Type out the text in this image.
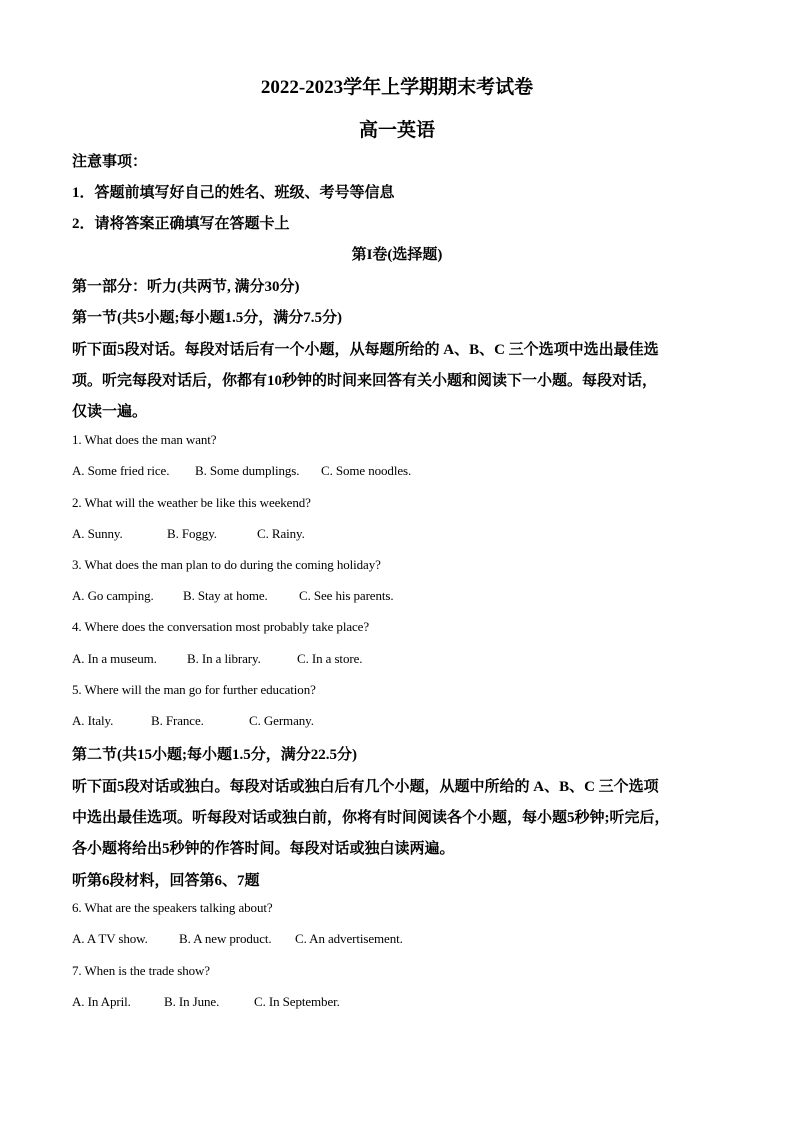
2022-2023学年上学期期末考试卷
高一英语
注意事项：
1．答题前填写好自己的姓名、班级、考号等信息
2．请将答案正确填写在答题卡上
第I卷(选择题)
第一部分：听力(共两节, 满分30分)
第一节(共5小题;每小题1.5分，满分7.5分)
听下面5段对话。每段对话后有一个小题，从每题所给的 A、B、C 三个选项中选出最佳选
项。听完每段对话后，你都有10秒钟的时间来回答有关小题和阅读下一小题。每段对话，
仅读一遍。
1. What does the man want?
A. Some fried rice. B. Some dumplings. C. Some noodles.
2. What will the weather be like this weekend?
A. Sunny.	B. Foggy.	C. Rainy.
3. What does the man plan to do during the coming holiday?
A. Go camping. B. Stay at home. C. See his parents.
4. Where does the conversation most probably take place?
A. In a museum. B. In a library.	C. In a store.
5. Where will the man go for further education?
A. Italy.	B. France.	C. Germany.
第二节(共15小题;每小题1.5分，满分22.5分)
听下面5段对话或独白。每段对话或独白后有几个小题，从题中所给的 A、B、C 三个选项
中选出最佳选项。听每段对话或独白前，你将有时间阅读各个小题，每小题5秒钟;听完后，
各小题将给出5秒钟的作答时间。每段对话或独白读两遍。
听第6段材料，回答第6、7题
6. What are the speakers talking about?
A. A TV show. B. A new product. C. An advertisement.
7. When is the trade show?
A. In April.	B. In June.	C. In September.
